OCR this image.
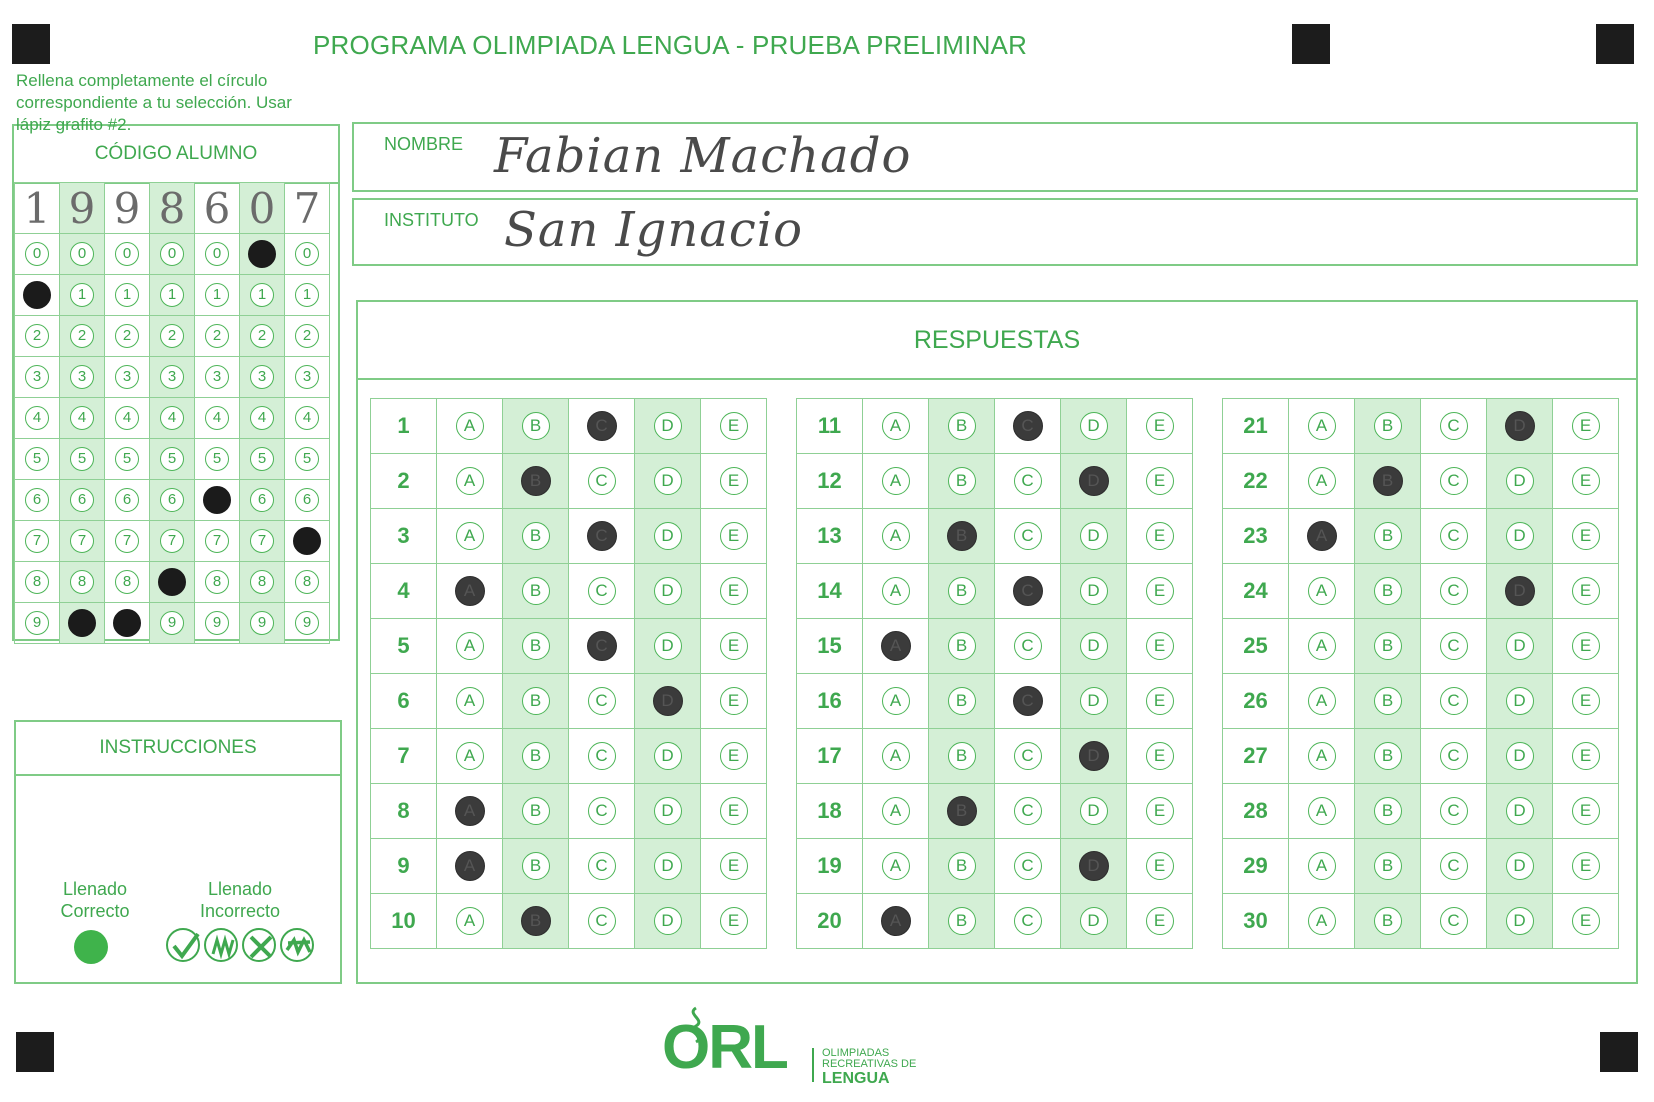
PROGRAMA OLIMPIADA LENGUA - PRUEBA PRELIMINAR
CÓDIGO ALUMNO
1	9	9	8	6	0	7
0	0	0	0	0		0
	1	1	1	1	1	1
2	2	2	2	2	2	2
3	3	3	3	3	3	3
4	4	4	4	4	4	4
5	5	5	5	5	5	5
6	6	6	6		6	6
7	7	7	7	7	7	
8	8	8		8	8	8
9			9	9	9	9
NOMBRE Fabian Machado
INSTITUTO San Ignacio
RESPUESTAS
1	A	B	C	D	E
2	A	B	C	D	E
3	A	B	C	D	E
4	A	B	C	D	E
5	A	B	C	D	E
6	A	B	C	D	E
7	A	B	C	D	E
8	A	B	C	D	E
9	A	B	C	D	E
10	A	B	C	D	E
11	A	B	C	D	E
12	A	B	C	D	E
13	A	B	C	D	E
14	A	B	C	D	E
15	A	B	C	D	E
16	A	B	C	D	E
17	A	B	C	D	E
18	A	B	C	D	E
19	A	B	C	D	E
20	A	B	C	D	E
21	A	B	C	D	E
22	A	B	C	D	E
23	A	B	C	D	E
24	A	B	C	D	E
25	A	B	C	D	E
26	A	B	C	D	E
27	A	B	C	D	E
28	A	B	C	D	E
29	A	B	C	D	E
30	A	B	C	D	E
INSTRUCCIONES
Rellena completamente el círculo correspondiente a tu selección. Usar lápiz grafito #2.
Llenado
Correcto
Llenado
Incorrecto
ORL	OLIMPIADAS
RECREATIVAS DE
LENGUA
